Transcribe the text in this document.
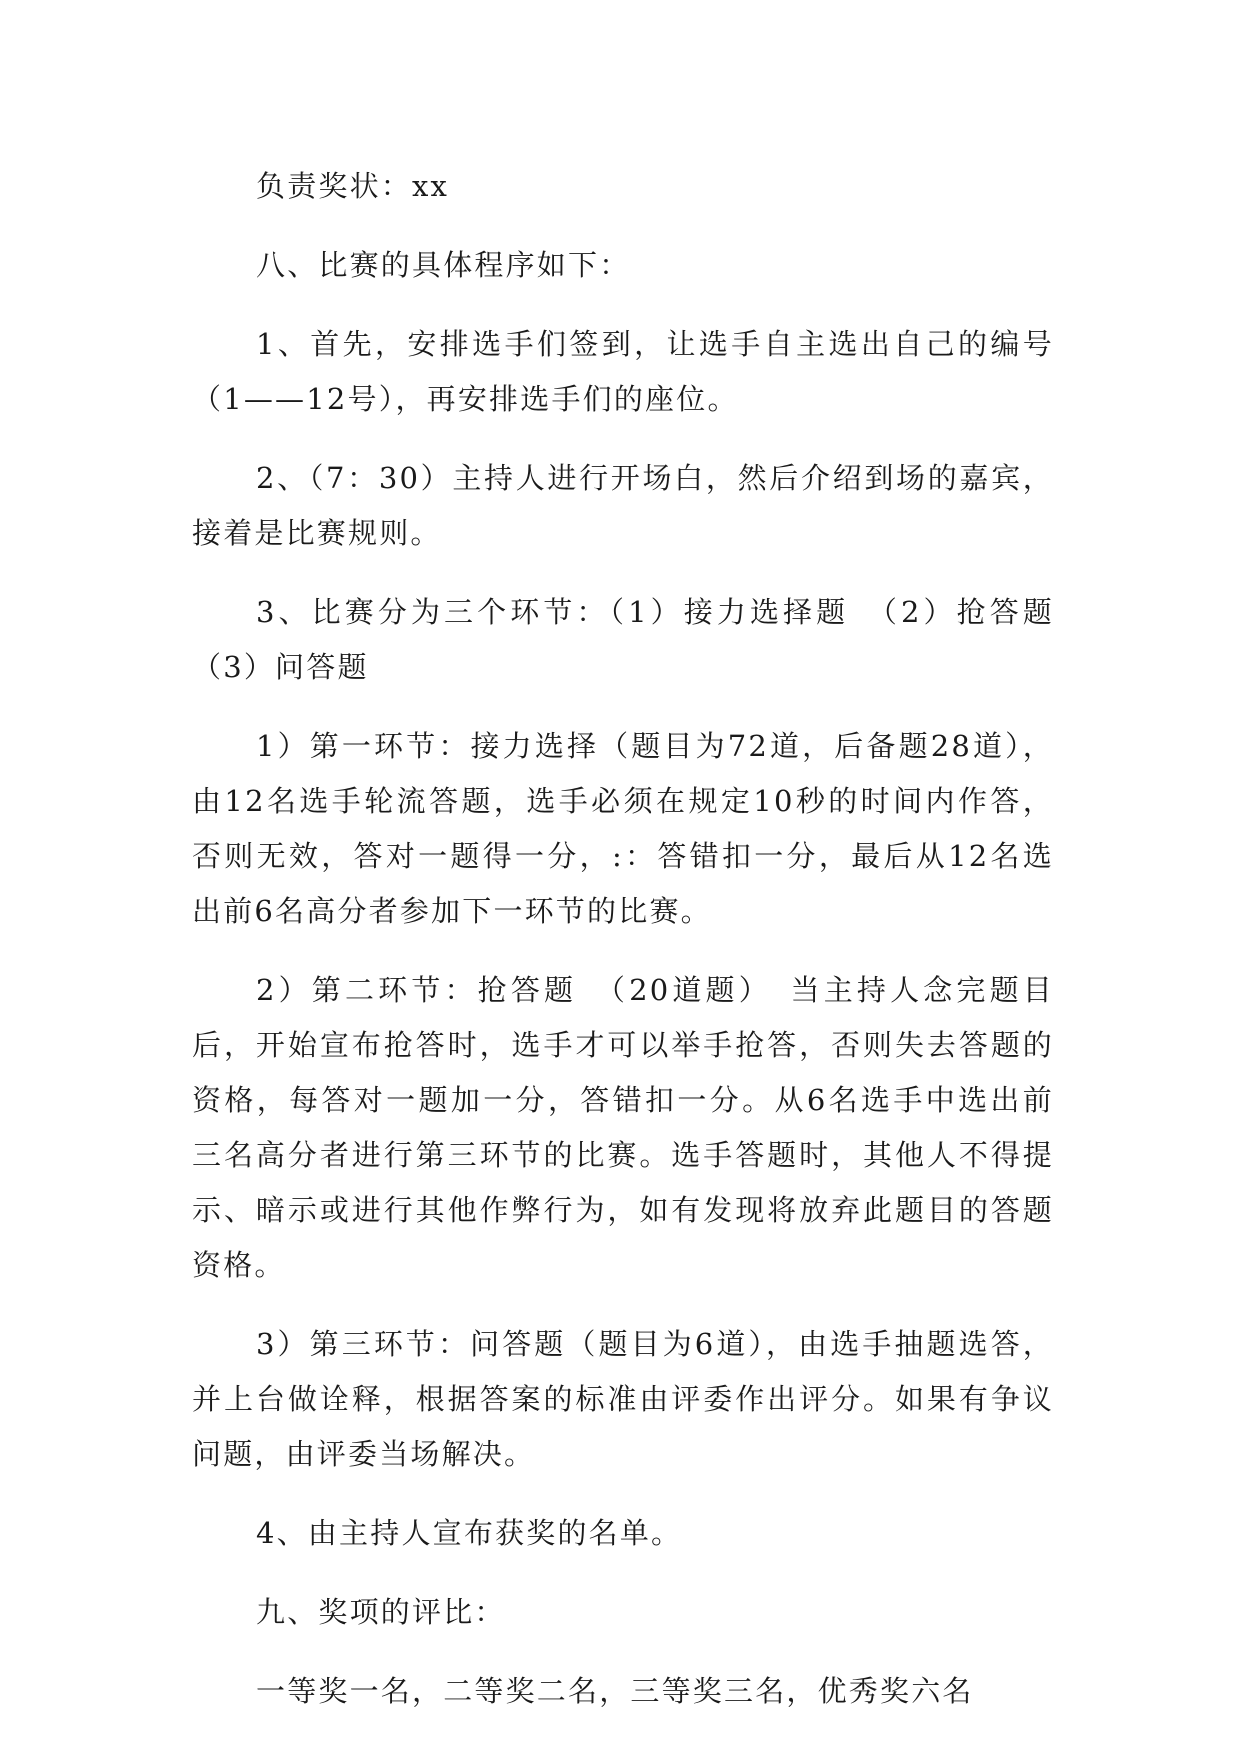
负责奖状：xx

八、比赛的具体程序如下：

1、首先，安排选手们签到，让选手自主选出自己的编号（1——12号），再安排选手们的座位。

2、（7：30）主持人进行开场白，然后介绍到场的嘉宾，接着是比赛规则。

3、比赛分为三个环节：（1）接力选择题　（2）抢答题（3）问答题

1）第一环节：接力选择（题目为72道，后备题28道），由12名选手轮流答题，选手必须在规定10秒的时间内作答，否则无效，答对一题得一分，:：答错扣一分，最后从12名选出前6名高分者参加下一环节的比赛。

2）第二环节：抢答题　（20道题）　当主持人念完题目后，开始宣布抢答时，选手才可以举手抢答，否则失去答题的资格，每答对一题加一分，答错扣一分。从6名选手中选出前三名高分者进行第三环节的比赛。选手答题时，其他人不得提示、暗示或进行其他作弊行为，如有发现将放弃此题目的答题资格。

3）第三环节：问答题（题目为6道），由选手抽题选答，并上台做诠释，根据答案的标准由评委作出评分。如果有争议问题，由评委当场解决。

4、由主持人宣布获奖的名单。

九、奖项的评比：

一等奖一名，二等奖二名，三等奖三名，优秀奖六名
